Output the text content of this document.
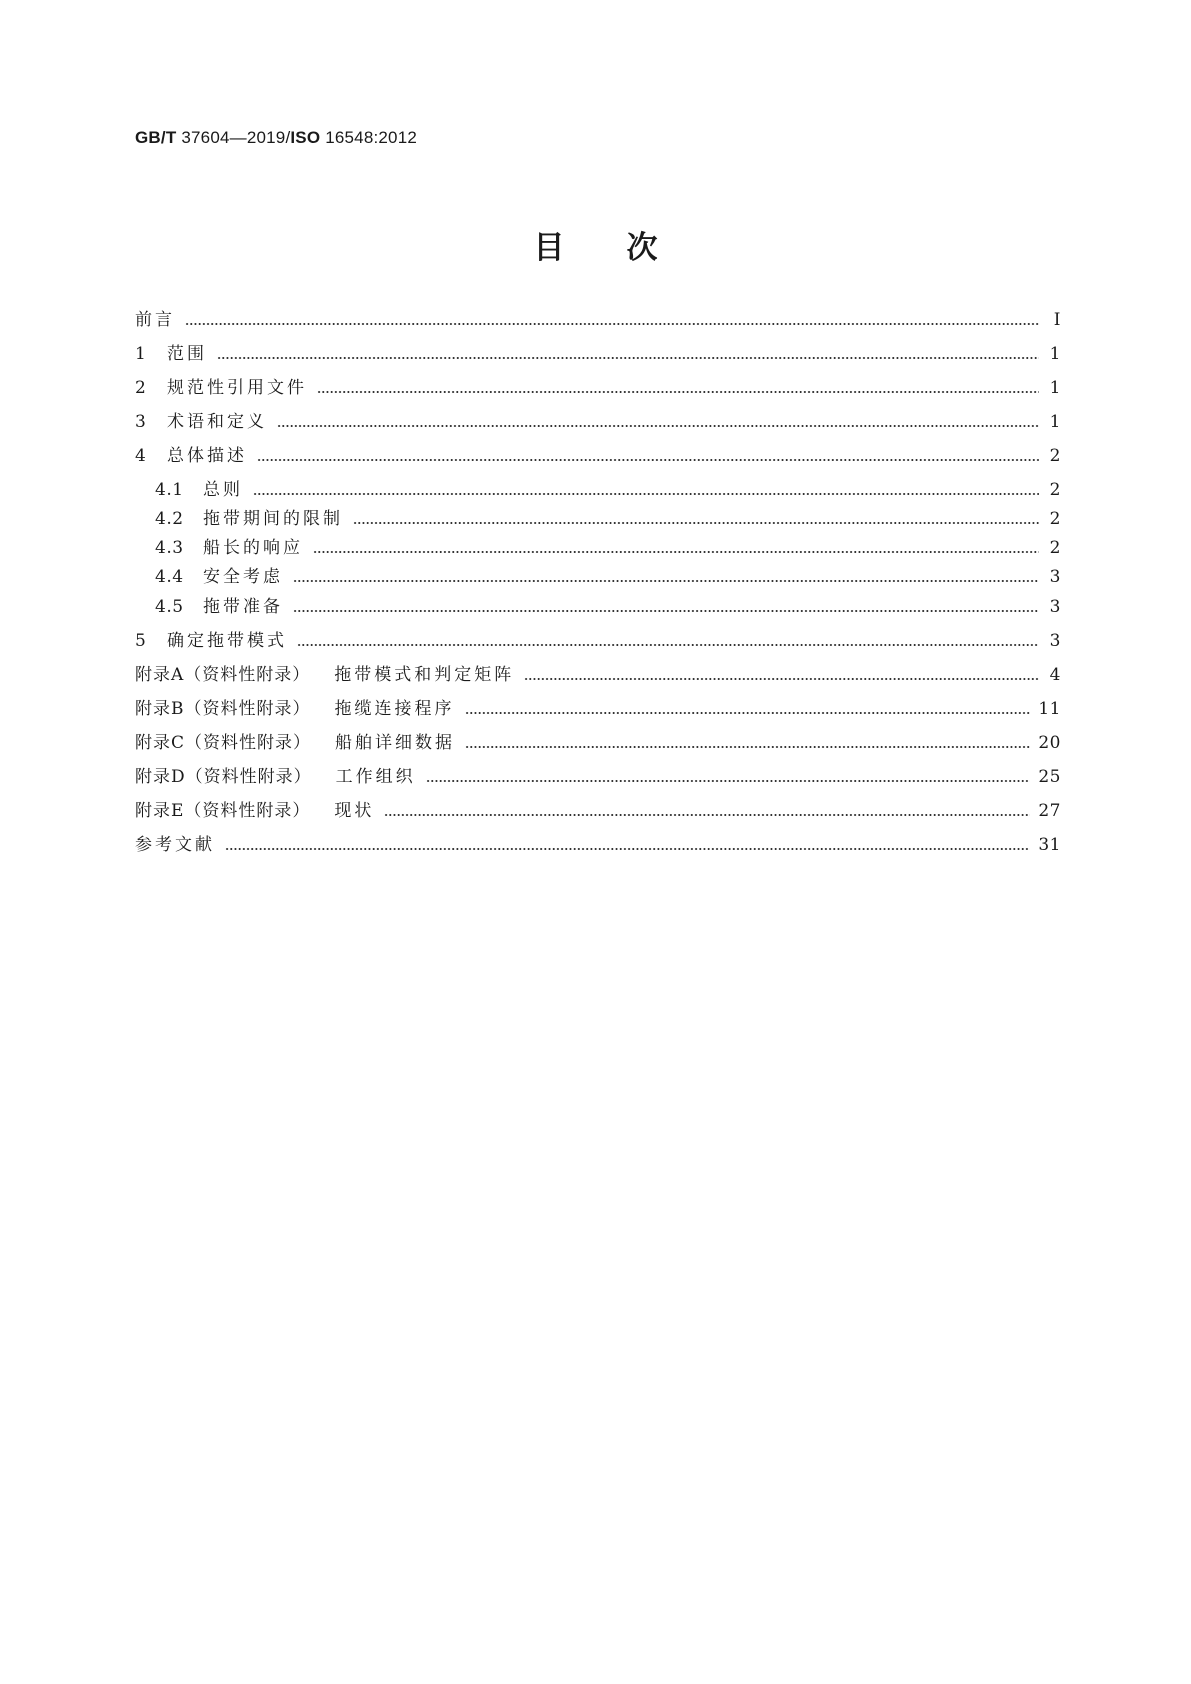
GB/T 37604—2019/ISO 16548:2012
目次
前言	Ⅰ
1	范围	1
2	规范性引用文件	1
3	术语和定义	1
4	总体描述	2
4.1	总则	2
4.2	拖带期间的限制	2
4.3	船长的响应	2
4.4	安全考虑	3
4.5	拖带准备	3
5	确定拖带模式	3
附录A（资料性附录） 拖带模式和判定矩阵	4
附录B（资料性附录） 拖缆连接程序	11
附录C（资料性附录） 船舶详细数据	20
附录D（资料性附录） 工作组织	25
附录E（资料性附录） 现状	27
参考文献	31
